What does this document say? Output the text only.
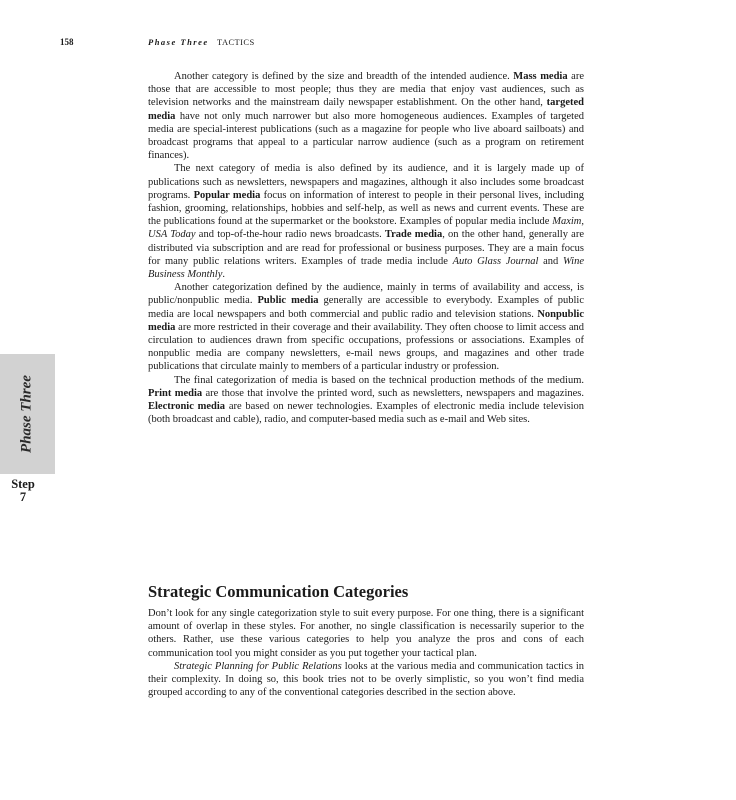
158	Phase Three TACTICS
Phase Three
Step
7

Another category is defined by the size and breadth of the intended audience. Mass media are those that are accessible to most people; thus they are media that enjoy vast audiences, such as television networks and the mainstream daily newspaper establishment. On the other hand, targeted media have not only much narrower but also more homogeneous audiences. Examples of targeted media are special-interest publications (such as a magazine for people who live aboard sailboats) and broadcast programs that appeal to a particular narrow audience (such as a program on retirement finances).

The next category of media is also defined by its audience, and it is largely made up of publications such as newsletters, newspapers and magazines, although it also includes some broadcast programs. Popular media focus on information of interest to people in their personal lives, including fashion, grooming, relationships, hobbies and self-help, as well as news and current events. These are the publications found at the supermarket or the bookstore. Examples of popular media include Maxim, USA Today and top-of-the-hour radio news broadcasts. Trade media, on the other hand, generally are distributed via subscription and are read for professional or business purposes. They are a main focus for many public relations writers. Examples of trade media include Auto Glass Journal and Wine Business Monthly.

Another categorization defined by the audience, mainly in terms of availability and access, is public/nonpublic media. Public media generally are accessible to everybody. Examples of public media are local newspapers and both commercial and public radio and television stations. Nonpublic media are more restricted in their coverage and their availability. They often choose to limit access and circulation to audiences drawn from specific occupations, professions or associations. Examples of nonpublic media are company newsletters, e-mail news groups, and magazines and other trade publications that circulate mainly to members of a particular industry or profession.

The final categorization of media is based on the technical production methods of the medium. Print media are those that involve the printed word, such as newsletters, newspapers and magazines. Electronic media are based on newer technologies. Examples of electronic media include television (both broadcast and cable), radio, and computer-based media such as e-mail and Web sites.

Strategic Communication Categories

Don’t look for any single categorization style to suit every purpose. For one thing, there is a significant amount of overlap in these styles. For another, no single classification is necessarily superior to the others. Rather, use these various categories to help you analyze the pros and cons of each communication tool you might consider as you put together your tactical plan.

Strategic Planning for Public Relations looks at the various media and communication tactics in their complexity. In doing so, this book tries not to be overly simplistic, so you won’t find media grouped according to any of the conventional categories described in the section above.
